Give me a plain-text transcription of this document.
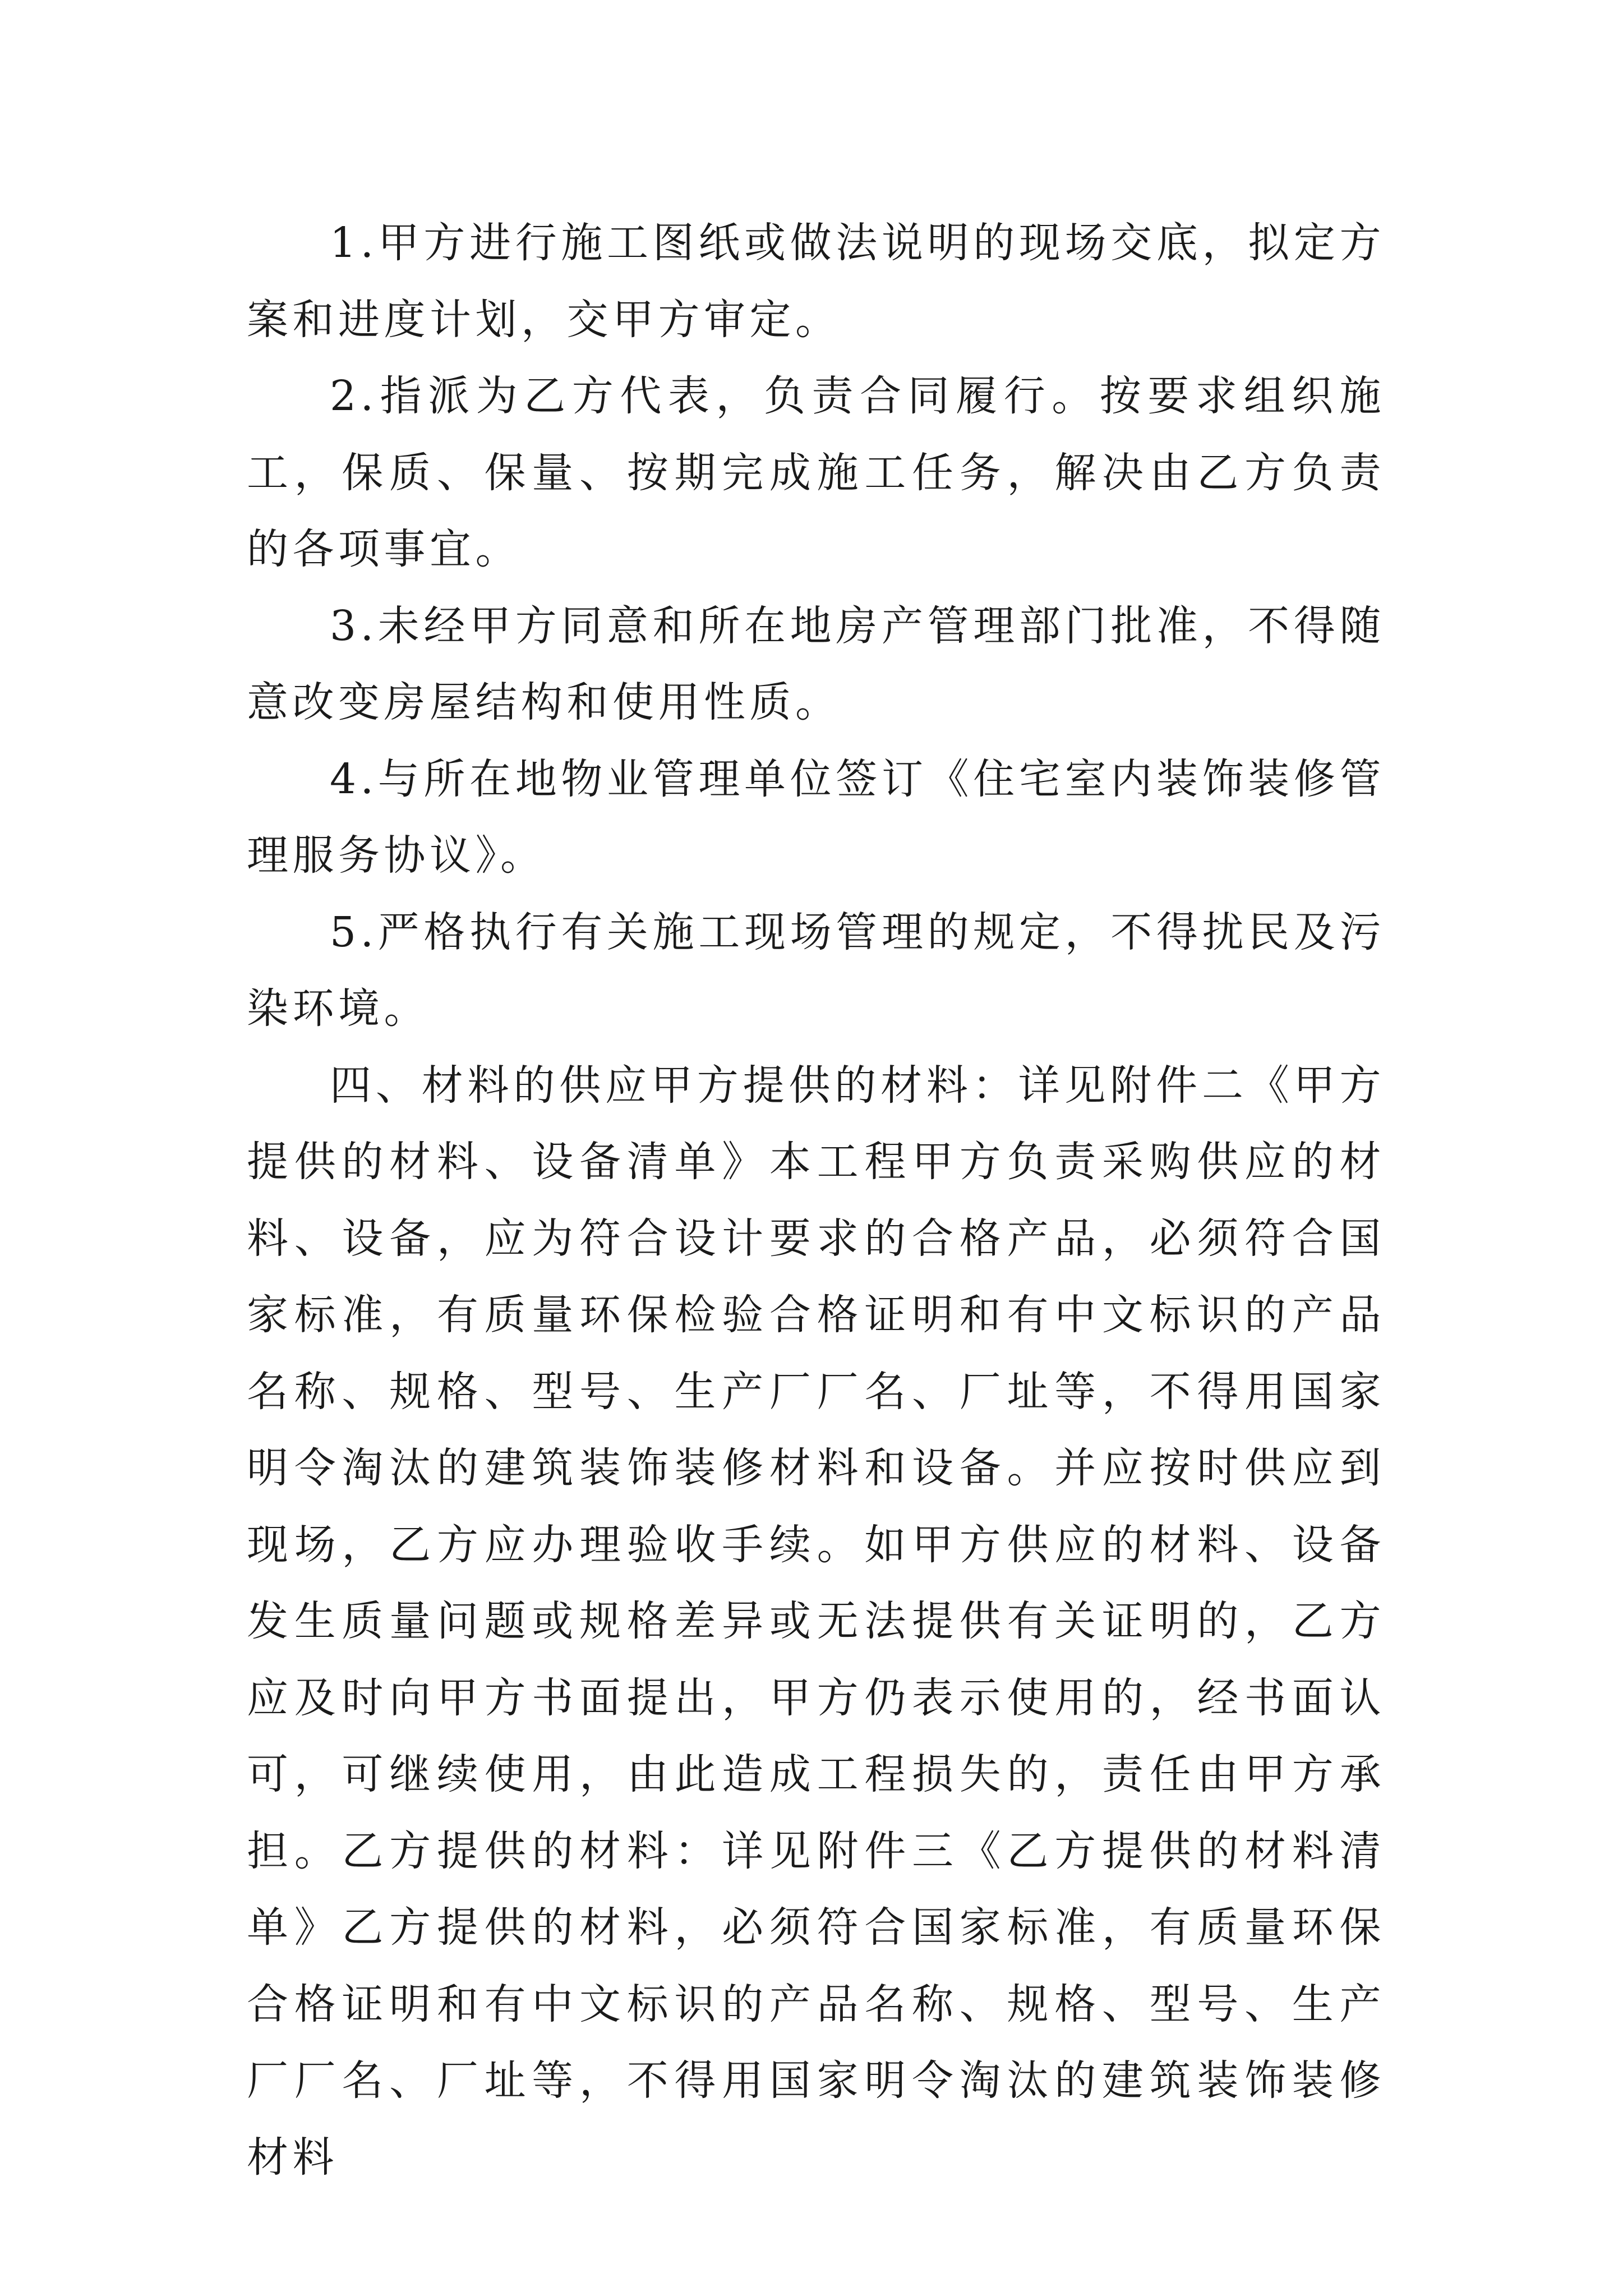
1.甲方进行施工图纸或做法说明的现场交底，拟定方案和进度计划，交甲方审定。

2.指派为乙方代表，负责合同履行。按要求组织施工，保质、保量、按期完成施工任务，解决由乙方负责的各项事宜。

3.未经甲方同意和所在地房产管理部门批准，不得随意改变房屋结构和使用性质。

4.与所在地物业管理单位签订《住宅室内装饰装修管理服务协议》。

5.严格执行有关施工现场管理的规定，不得扰民及污染环境。

四、材料的供应甲方提供的材料：详见附件二《甲方提供的材料、设备清单》本工程甲方负责采购供应的材料、设备，应为符合设计要求的合格产品，必须符合国家标准，有质量环保检验合格证明和有中文标识的产品名称、规格、型号、生产厂厂名、厂址等，不得用国家明令淘汰的建筑装饰装修材料和设备。并应按时供应到现场，乙方应办理验收手续。如甲方供应的材料、设备发生质量问题或规格差异或无法提供有关证明的，乙方应及时向甲方书面提出，甲方仍表示使用的，经书面认可，可继续使用，由此造成工程损失的，责任由甲方承担。乙方提供的材料：详见附件三《乙方提供的材料清单》乙方提供的材料，必须符合国家标准，有质量环保合格证明和有中文标识的产品名称、规格、型号、生产厂厂名、厂址等，不得用国家明令淘汰的建筑装饰装修材料
